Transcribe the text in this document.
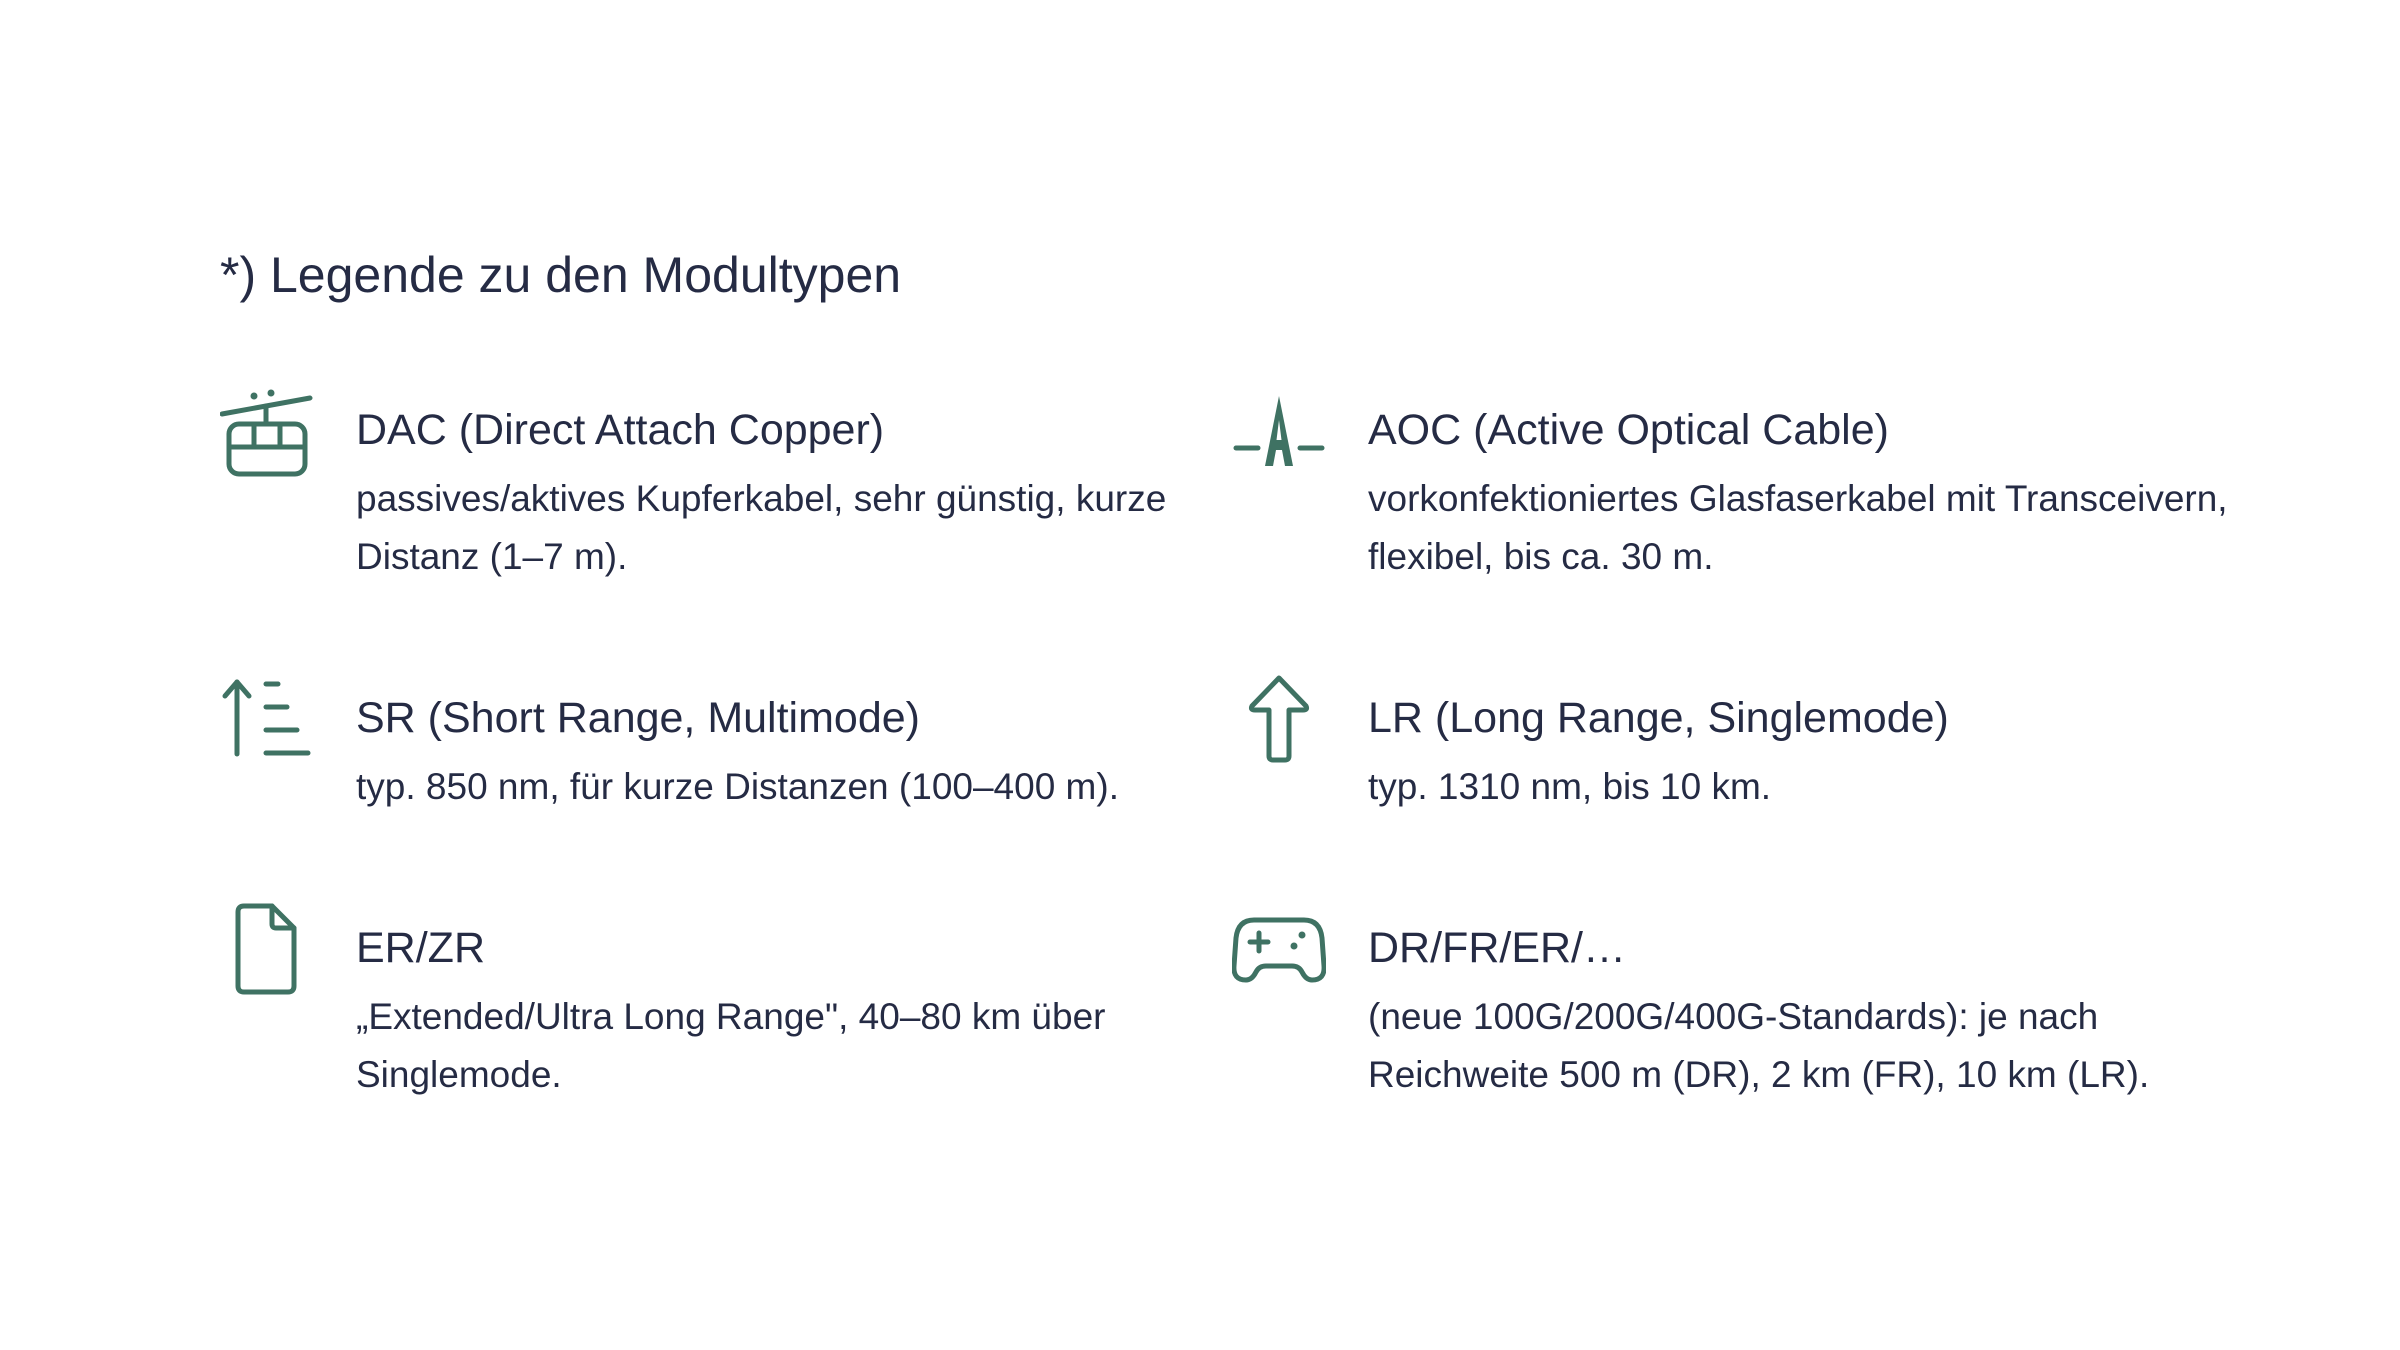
*) Legende zu den Modultypen
DAC (Direct Attach Copper)
passives/aktives Kupferkabel, sehr günstig, kurze Distanz (1–7 m).
AOC (Active Optical Cable)
vorkonfektioniertes Glasfaserkabel mit Transceivern, flexibel, bis ca. 30 m.
SR (Short Range, Multimode)
typ. 850 nm, für kurze Distanzen (100–400 m).
LR (Long Range, Singlemode)
typ. 1310 nm, bis 10 km.
ER/ZR
„Extended/Ultra Long Range", 40–80 km über Singlemode.
DR/FR/ER/…
(neue 100G/200G/400G-Standards): je nach Reichweite 500 m (DR), 2 km (FR), 10 km (LR).
